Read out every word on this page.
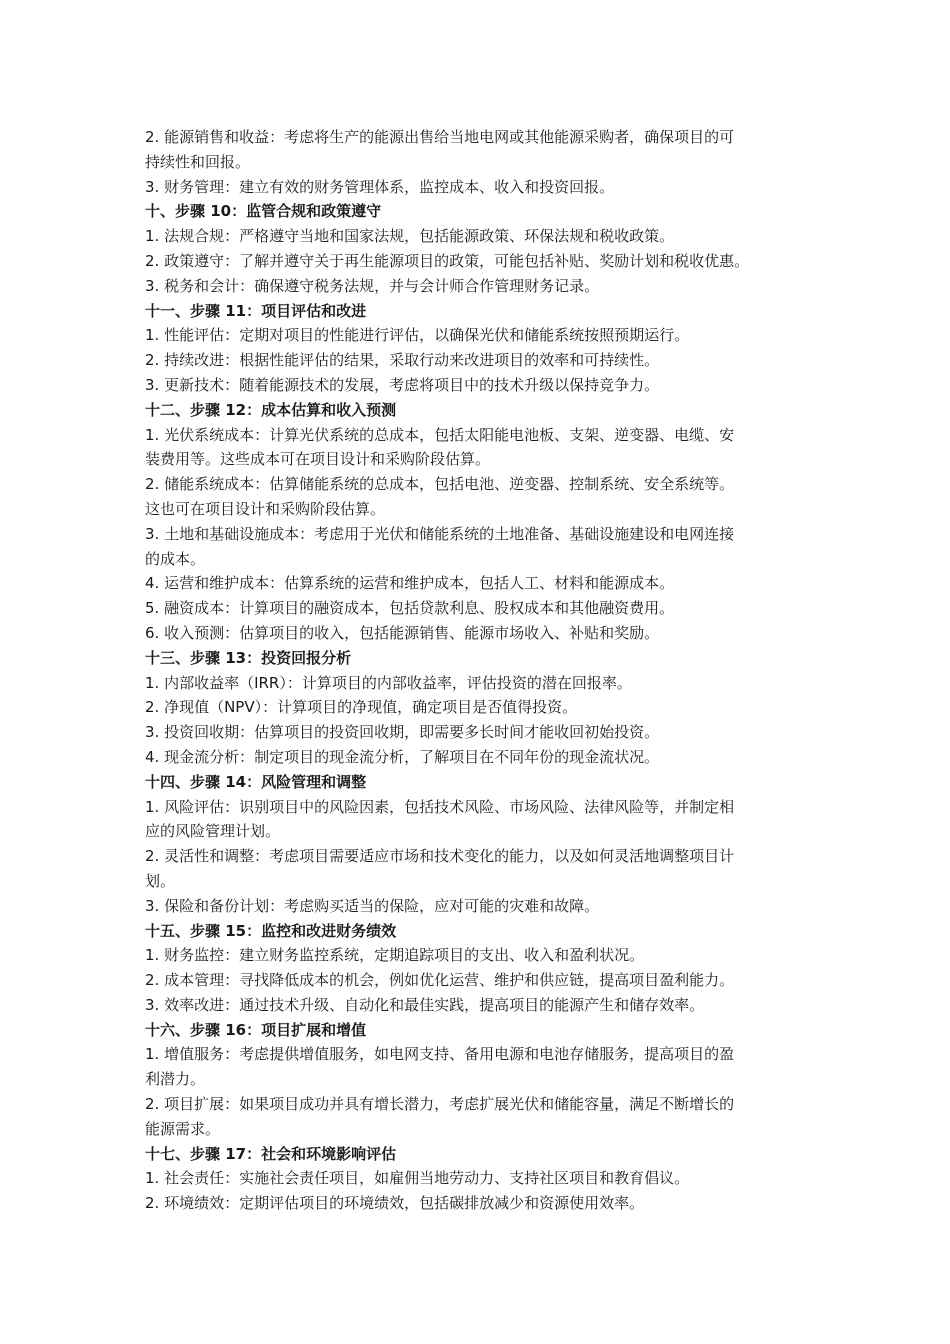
2. 能源销售和收益：考虑将生产的能源出售给当地电网或其他能源采购者，确保项目的可
持续性和回报。
3. 财务管理：建立有效的财务管理体系，监控成本、收入和投资回报。
十、步骤 10：监管合规和政策遵守
1. 法规合规：严格遵守当地和国家法规，包括能源政策、环保法规和税收政策。
2. 政策遵守：了解并遵守关于再生能源项目的政策，可能包括补贴、奖励计划和税收优惠。
3. 税务和会计：确保遵守税务法规，并与会计师合作管理财务记录。
十一、步骤 11：项目评估和改进
1. 性能评估：定期对项目的性能进行评估，以确保光伏和储能系统按照预期运行。
2. 持续改进：根据性能评估的结果，采取行动来改进项目的效率和可持续性。
3. 更新技术：随着能源技术的发展，考虑将项目中的技术升级以保持竞争力。
十二、步骤 12：成本估算和收入预测
1. 光伏系统成本：计算光伏系统的总成本，包括太阳能电池板、支架、逆变器、电缆、安
装费用等。这些成本可在项目设计和采购阶段估算。
2. 储能系统成本：估算储能系统的总成本，包括电池、逆变器、控制系统、安全系统等。
这也可在项目设计和采购阶段估算。
3. 土地和基础设施成本：考虑用于光伏和储能系统的土地准备、基础设施建设和电网连接
的成本。
4. 运营和维护成本：估算系统的运营和维护成本，包括人工、材料和能源成本。
5. 融资成本：计算项目的融资成本，包括贷款利息、股权成本和其他融资费用。
6. 收入预测：估算项目的收入，包括能源销售、能源市场收入、补贴和奖励。
十三、步骤 13：投资回报分析
1. 内部收益率（IRR）：计算项目的内部收益率，评估投资的潜在回报率。
2. 净现值（NPV）：计算项目的净现值，确定项目是否值得投资。
3. 投资回收期：估算项目的投资回收期，即需要多长时间才能收回初始投资。
4. 现金流分析：制定项目的现金流分析，了解项目在不同年份的现金流状况。
十四、步骤 14：风险管理和调整
1. 风险评估：识别项目中的风险因素，包括技术风险、市场风险、法律风险等，并制定相
应的风险管理计划。
2. 灵活性和调整：考虑项目需要适应市场和技术变化的能力，以及如何灵活地调整项目计
划。
3. 保险和备份计划：考虑购买适当的保险，应对可能的灾难和故障。
十五、步骤 15：监控和改进财务绩效
1. 财务监控：建立财务监控系统，定期追踪项目的支出、收入和盈利状况。
2. 成本管理：寻找降低成本的机会，例如优化运营、维护和供应链，提高项目盈利能力。
3. 效率改进：通过技术升级、自动化和最佳实践，提高项目的能源产生和储存效率。
十六、步骤 16：项目扩展和增值
1. 增值服务：考虑提供增值服务，如电网支持、备用电源和电池存储服务，提高项目的盈
利潜力。
2. 项目扩展：如果项目成功并具有增长潜力，考虑扩展光伏和储能容量，满足不断增长的
能源需求。
十七、步骤 17：社会和环境影响评估
1. 社会责任：实施社会责任项目，如雇佣当地劳动力、支持社区项目和教育倡议。
2. 环境绩效：定期评估项目的环境绩效，包括碳排放减少和资源使用效率。
